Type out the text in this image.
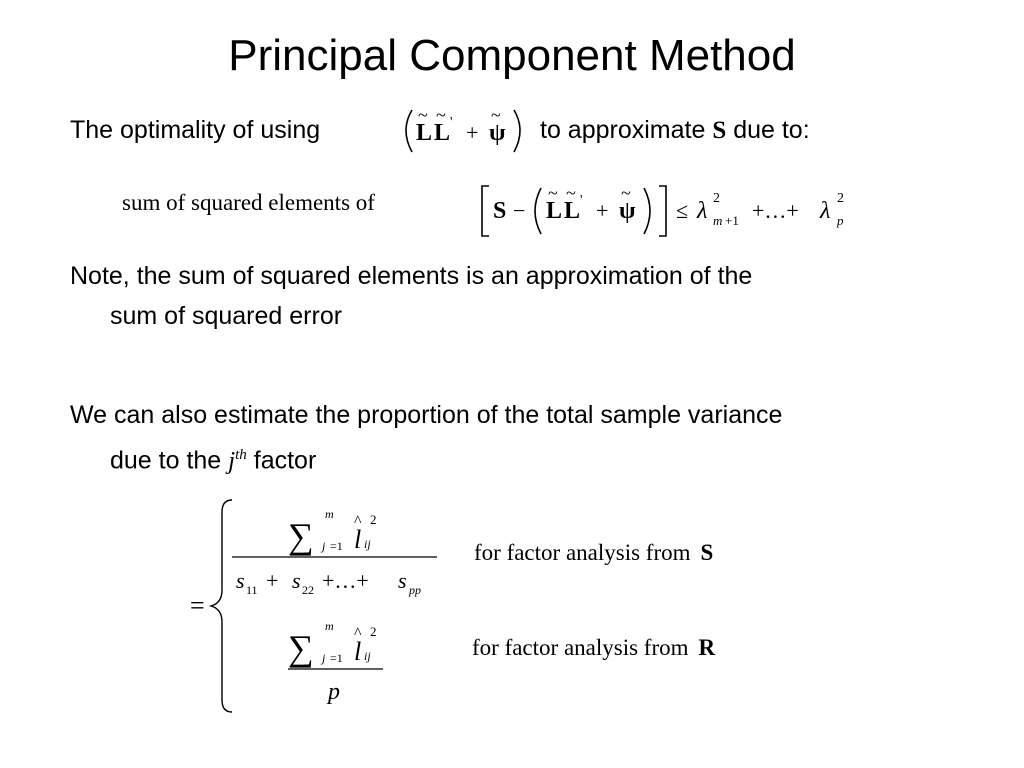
Principal Component Method
The optimality of using	to approximate S due to:
sum of squared elements of
Note, the sum of squared elements is an approximation of the
sum of squared error
We can also estimate the proportion of the total sample variance
due to the $j^{th}$ factor
for factor analysis from S
for factor analysis from R
L
~
L
~ ' + ψ
~
S − L
~
L
~ ' + ψ
~
≤ λ 2
m +1 +…+ λ 2
p
=
∑
m
j =1 l
^ 2
ij
s 11 + s 22 +…+ s pp
∑
m
j =1 l
^ 2
ij
p
